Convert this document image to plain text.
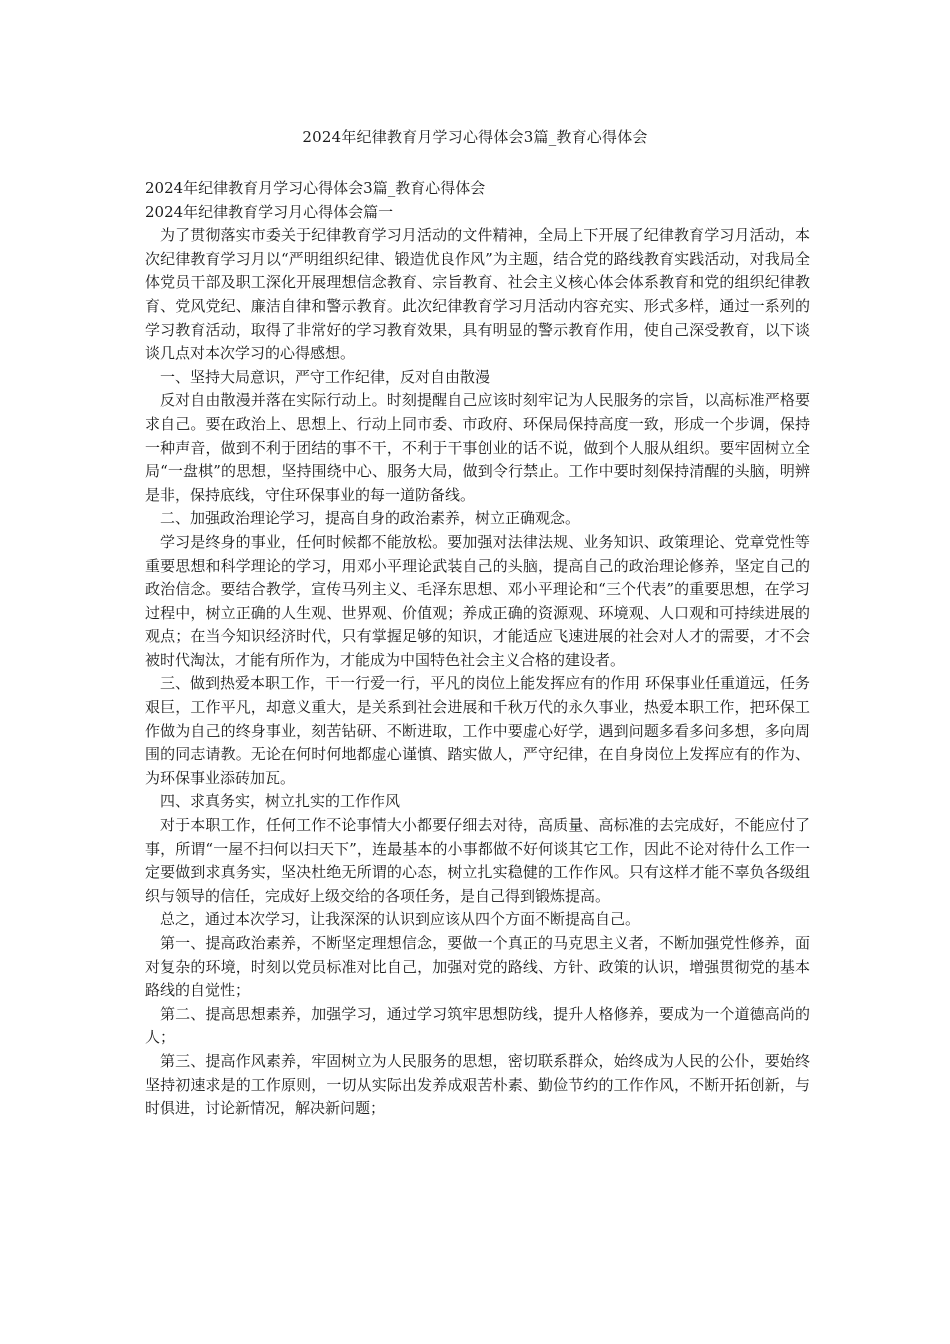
2024年纪律教育月学习心得体会3篇_教育心得体会

2024年纪律教育月学习心得体会3篇_教育心得体会

2024年纪律教育学习月心得体会篇一

为了贯彻落实市委关于纪律教育学习月活动的文件精神，全局上下开展了纪律教育学习月活动，本次纪律教育学习月以“严明组织纪律、锻造优良作风”为主题，结合党的路线教育实践活动，对我局全体党员干部及职工深化开展理想信念教育、宗旨教育、社会主义核心体会体系教育和党的组织纪律教育、党风党纪、廉洁自律和警示教育。此次纪律教育学习月活动内容充实、形式多样，通过一系列的学习教育活动，取得了非常好的学习教育效果，具有明显的警示教育作用，使自己深受教育，以下谈谈几点对本次学习的心得感想。

一、坚持大局意识，严守工作纪律，反对自由散漫

反对自由散漫并落在实际行动上。时刻提醒自己应该时刻牢记为人民服务的宗旨，以高标准严格要求自己。要在政治上、思想上、行动上同市委、市政府、环保局保持高度一致，形成一个步调，保持一种声音，做到不利于团结的事不干，不利于干事创业的话不说，做到个人服从组织。要牢固树立全局“一盘棋”的思想，坚持围绕中心、服务大局，做到令行禁止。工作中要时刻保持清醒的头脑，明辨是非，保持底线，守住环保事业的每一道防备线。

二、加强政治理论学习，提高自身的政治素养，树立正确观念。

学习是终身的事业，任何时候都不能放松。要加强对法律法规、业务知识、政策理论、党章党性等重要思想和科学理论的学习，用邓小平理论武装自己的头脑，提高自己的政治理论修养，坚定自己的政治信念。要结合教学，宣传马列主义、毛泽东思想、邓小平理论和“三个代表”的重要思想，在学习过程中，树立正确的人生观、世界观、价值观；养成正确的资源观、环境观、人口观和可持续进展的观点；在当今知识经济时代，只有掌握足够的知识，才能适应飞速进展的社会对人才的需要，才不会被时代淘汰，才能有所作为，才能成为中国特色社会主义合格的建设者。

三、做到热爱本职工作，干一行爱一行，平凡的岗位上能发挥应有的作用 环保事业任重道远，任务艰巨，工作平凡，却意义重大，是关系到社会进展和千秋万代的永久事业，热爱本职工作，把环保工作做为自己的终身事业，刻苦钻研、不断进取，工作中要虚心好学，遇到问题多看多问多想，多向周围的同志请教。无论在何时何地都虚心谨慎、踏实做人，严守纪律，在自身岗位上发挥应有的作为、为环保事业添砖加瓦。

四、求真务实，树立扎实的工作作风

对于本职工作，任何工作不论事情大小都要仔细去对待，高质量、高标准的去完成好，不能应付了事，所谓“一屋不扫何以扫天下”，连最基本的小事都做不好何谈其它工作，因此不论对待什么工作一定要做到求真务实，坚决杜绝无所谓的心态，树立扎实稳健的工作作风。只有这样才能不辜负各级组织与领导的信任，完成好上级交给的各项任务，是自己得到锻炼提高。

总之，通过本次学习，让我深深的认识到应该从四个方面不断提高自己。

第一、提高政治素养，不断坚定理想信念，要做一个真正的马克思主义者，不断加强党性修养，面对复杂的环境，时刻以党员标准对比自己，加强对党的路线、方针、政策的认识，增强贯彻党的基本路线的自觉性；

第二、提高思想素养，加强学习，通过学习筑牢思想防线，提升人格修养，要成为一个道德高尚的人；

第三、提高作风素养，牢固树立为人民服务的思想，密切联系群众，始终成为人民的公仆，要始终坚持初速求是的工作原则，一切从实际出发养成艰苦朴素、勤俭节约的工作作风，不断开拓创新，与时俱进，讨论新情况，解决新问题；
